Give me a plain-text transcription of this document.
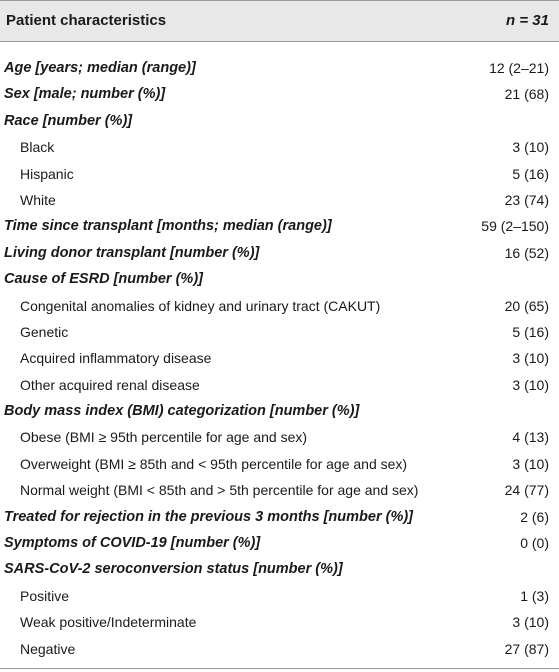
Patient characteristics	n = 31
Age [years; median (range)]	12 (2–21)
Sex [male; number (%)]	21 (68)
Race [number (%)]
Black	3 (10)
Hispanic	5 (16)
White	23 (74)
Time since transplant [months; median (range)]	59 (2–150)
Living donor transplant [number (%)]	16 (52)
Cause of ESRD [number (%)]
Congenital anomalies of kidney and urinary tract (CAKUT)	20 (65)
Genetic	5 (16)
Acquired inflammatory disease	3 (10)
Other acquired renal disease	3 (10)
Body mass index (BMI) categorization [number (%)]
Obese (BMI ≥ 95th percentile for age and sex)	4 (13)
Overweight (BMI ≥ 85th and < 95th percentile for age and sex)	3 (10)
Normal weight (BMI < 85th and > 5th percentile for age and sex)	24 (77)
Treated for rejection in the previous 3 months [number (%)]	2 (6)
Symptoms of COVID-19 [number (%)]	0 (0)
SARS-CoV-2 seroconversion status [number (%)]
Positive	1 (3)
Weak positive/Indeterminate	3 (10)
Negative	27 (87)
